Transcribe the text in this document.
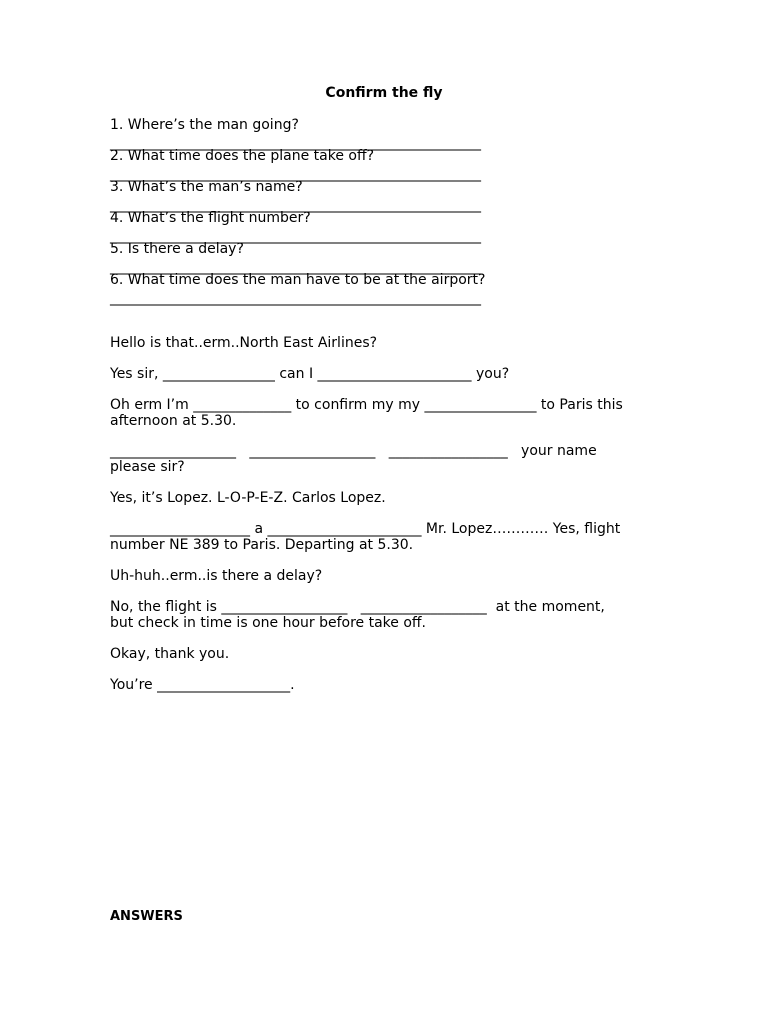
Confirm the fly
1. Where’s the man going?
_____________________________________________________
2. What time does the plane take off?
_____________________________________________________
3. What’s the man’s name?
_____________________________________________________
4. What’s the flight number?
_____________________________________________________
5. Is there a delay?
_____________________________________________________
6. What time does the man have to be at the airport?
_____________________________________________________
Hello is that..erm..North East Airlines?
Yes sir, ________________ can I ______________________ you?
Oh erm I’m ______________ to confirm my my ________________ to Paris this
afternoon at 5.30.
__________________   __________________   _________________   your name
please sir?
Yes, it’s Lopez. L-O-P-E-Z. Carlos Lopez.
____________________ a ______________________ Mr. Lopez………… Yes, flight
number NE 389 to Paris. Departing at 5.30.
Uh-huh..erm..is there a delay?
No, the flight is __________________   __________________  at the moment,
but check in time is one hour before take off.
Okay, thank you.
You’re ___________________.
ANSWERS
